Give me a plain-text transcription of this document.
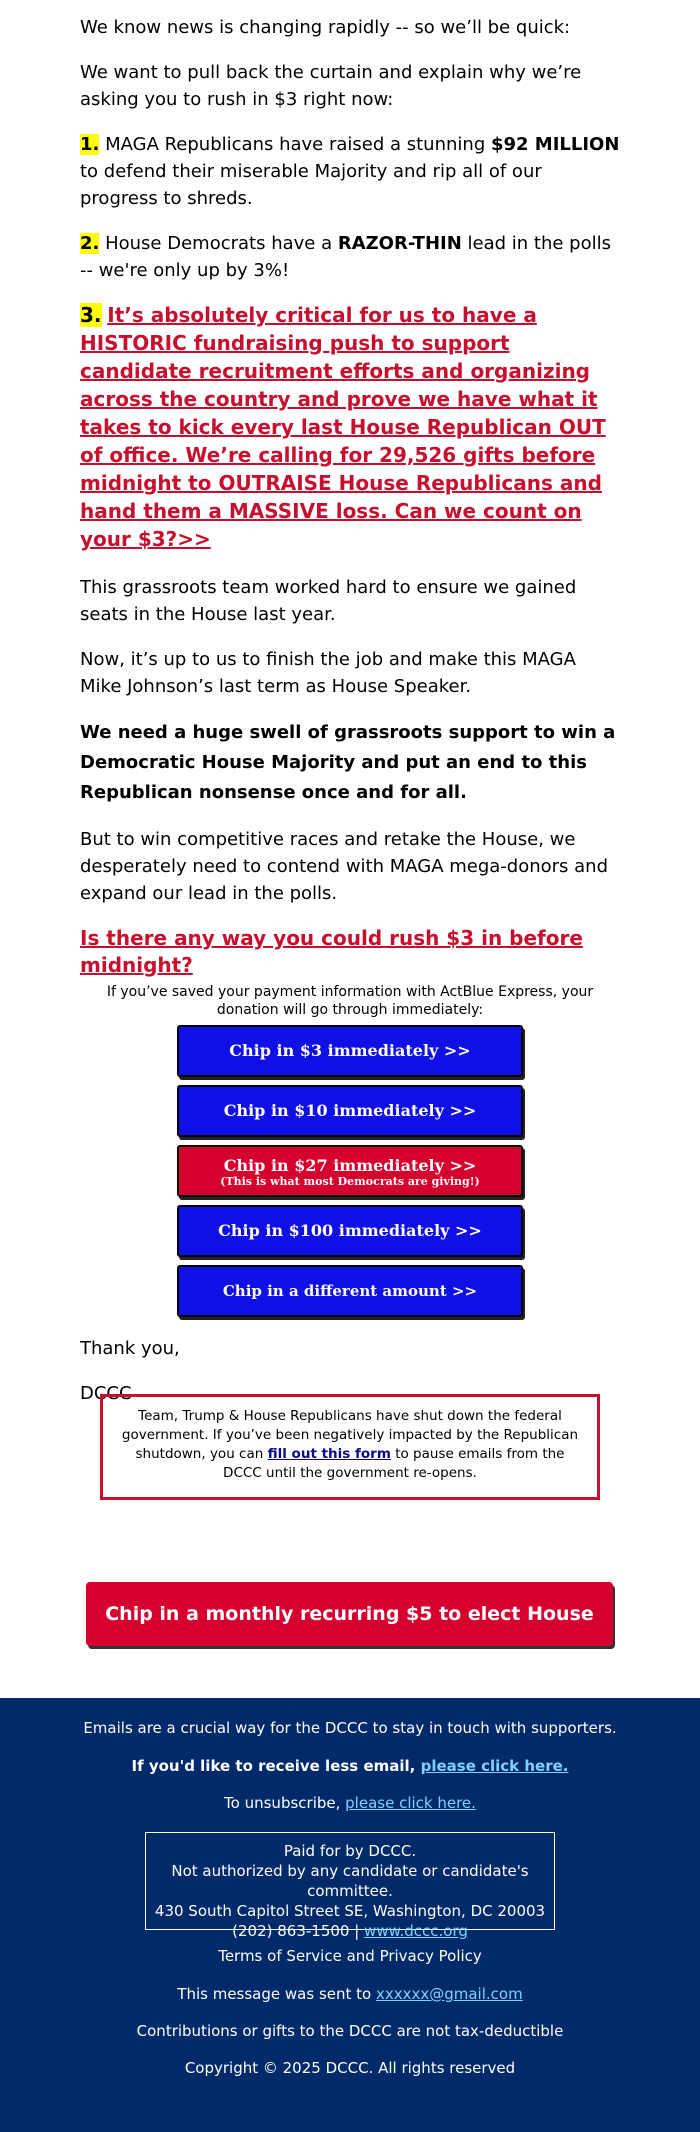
We know news is changing rapidly -- so we’ll be quick:

We want to pull back the curtain and explain why we’re asking you to rush in $3 right now:

1. MAGA Republicans have raised a stunning $92 MILLION to defend their miserable Majority and rip all of our progress to shreds.

2. House Democrats have a RAZOR-THIN lead in the polls -- we're only up by 3%!

3. It’s absolutely critical for us to have a HISTORIC fundraising push to support candidate recruitment efforts and organizing across the country and prove we have what it takes to kick every last House Republican OUT of office. We’re calling for 29,526 gifts before midnight to OUTRAISE House Republicans and hand them a MASSIVE loss. Can we count on your $3?>>

This grassroots team worked hard to ensure we gained seats in the House last year.

Now, it’s up to us to finish the job and make this MAGA Mike Johnson’s last term as House Speaker.

We need a huge swell of grassroots support to win a Democratic House Majority and put an end to this Republican nonsense once and for all.

But to win competitive races and retake the House, we desperately need to contend with MAGA mega-donors and expand our lead in the polls.

Is there any way you could rush $3 in before midnight?

If you’ve saved your payment information with ActBlue Express, your donation will go through immediately:

Chip in $3 immediately >>
Chip in $10 immediately >>
Chip in $27 immediately >>
(This is what most Democrats are giving!)
Chip in $100 immediately >>
Chip in a different amount >>

Thank you,

DCCC

Team, Trump & House Republicans have shut down the federal government. If you’ve been negatively impacted by the Republican shutdown, you can fill out this form to pause emails from the DCCC until the government re-opens.
Chip in a monthly recurring $5 to elect House Dems >>
Emails are a crucial way for the DCCC to stay in touch with supporters.
If you'd like to receive less email, please click here.
To unsubscribe, please click here.
Paid for by DCCC.
Not authorized by any candidate or candidate's committee.
430 South Capitol Street SE, Washington, DC 20003
(202) 863-1500 | www.dccc.org
Terms of Service and Privacy Policy
This message was sent to xxxxxx@gmail.com
Contributions or gifts to the DCCC are not tax-deductible
Copyright © 2025 DCCC. All rights reserved
